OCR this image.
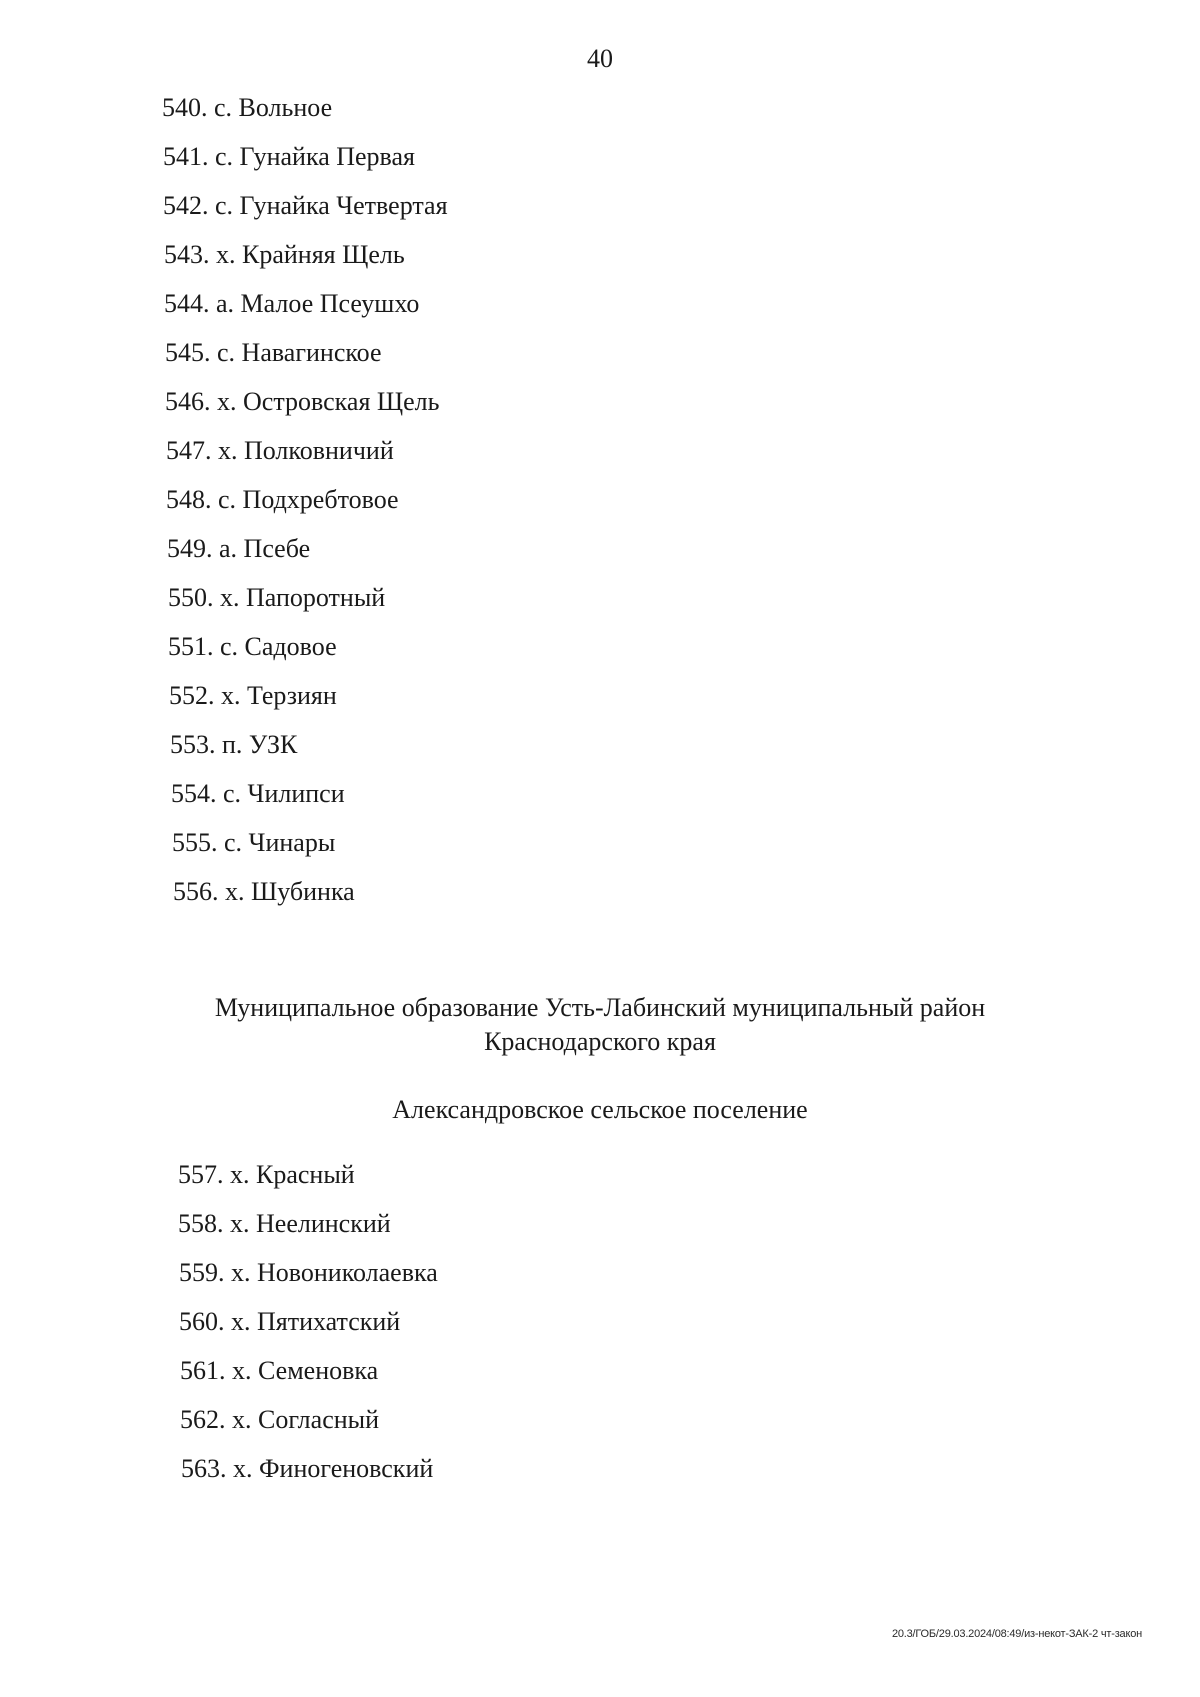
40
540. с. Вольное
541. с. Гунайка Первая
542. с. Гунайка Четвертая
543. х. Крайняя Щель
544. а. Малое Псеушхо
545. с. Навагинское
546. х. Островская Щель
547. х. Полковничий
548. с. Подхребтовое
549. а. Псебе
550. х. Папоротный
551. с. Садовое
552. х. Терзиян
553. п. УЗК
554. с. Чилипси
555. с. Чинары
556. х. Шубинка
Муниципальное образование Усть-Лабинский муниципальный район
Краснодарского края
Александровское сельское поселение
557. х. Красный
558. х. Неелинский
559. х. Новониколаевка
560. х. Пятихатский
561. х. Семеновка
562. х. Согласный
563. х. Финогеновский
20.3/ГОБ/29.03.2024/08:49/из-некот-ЗАК-2 чт-закон
